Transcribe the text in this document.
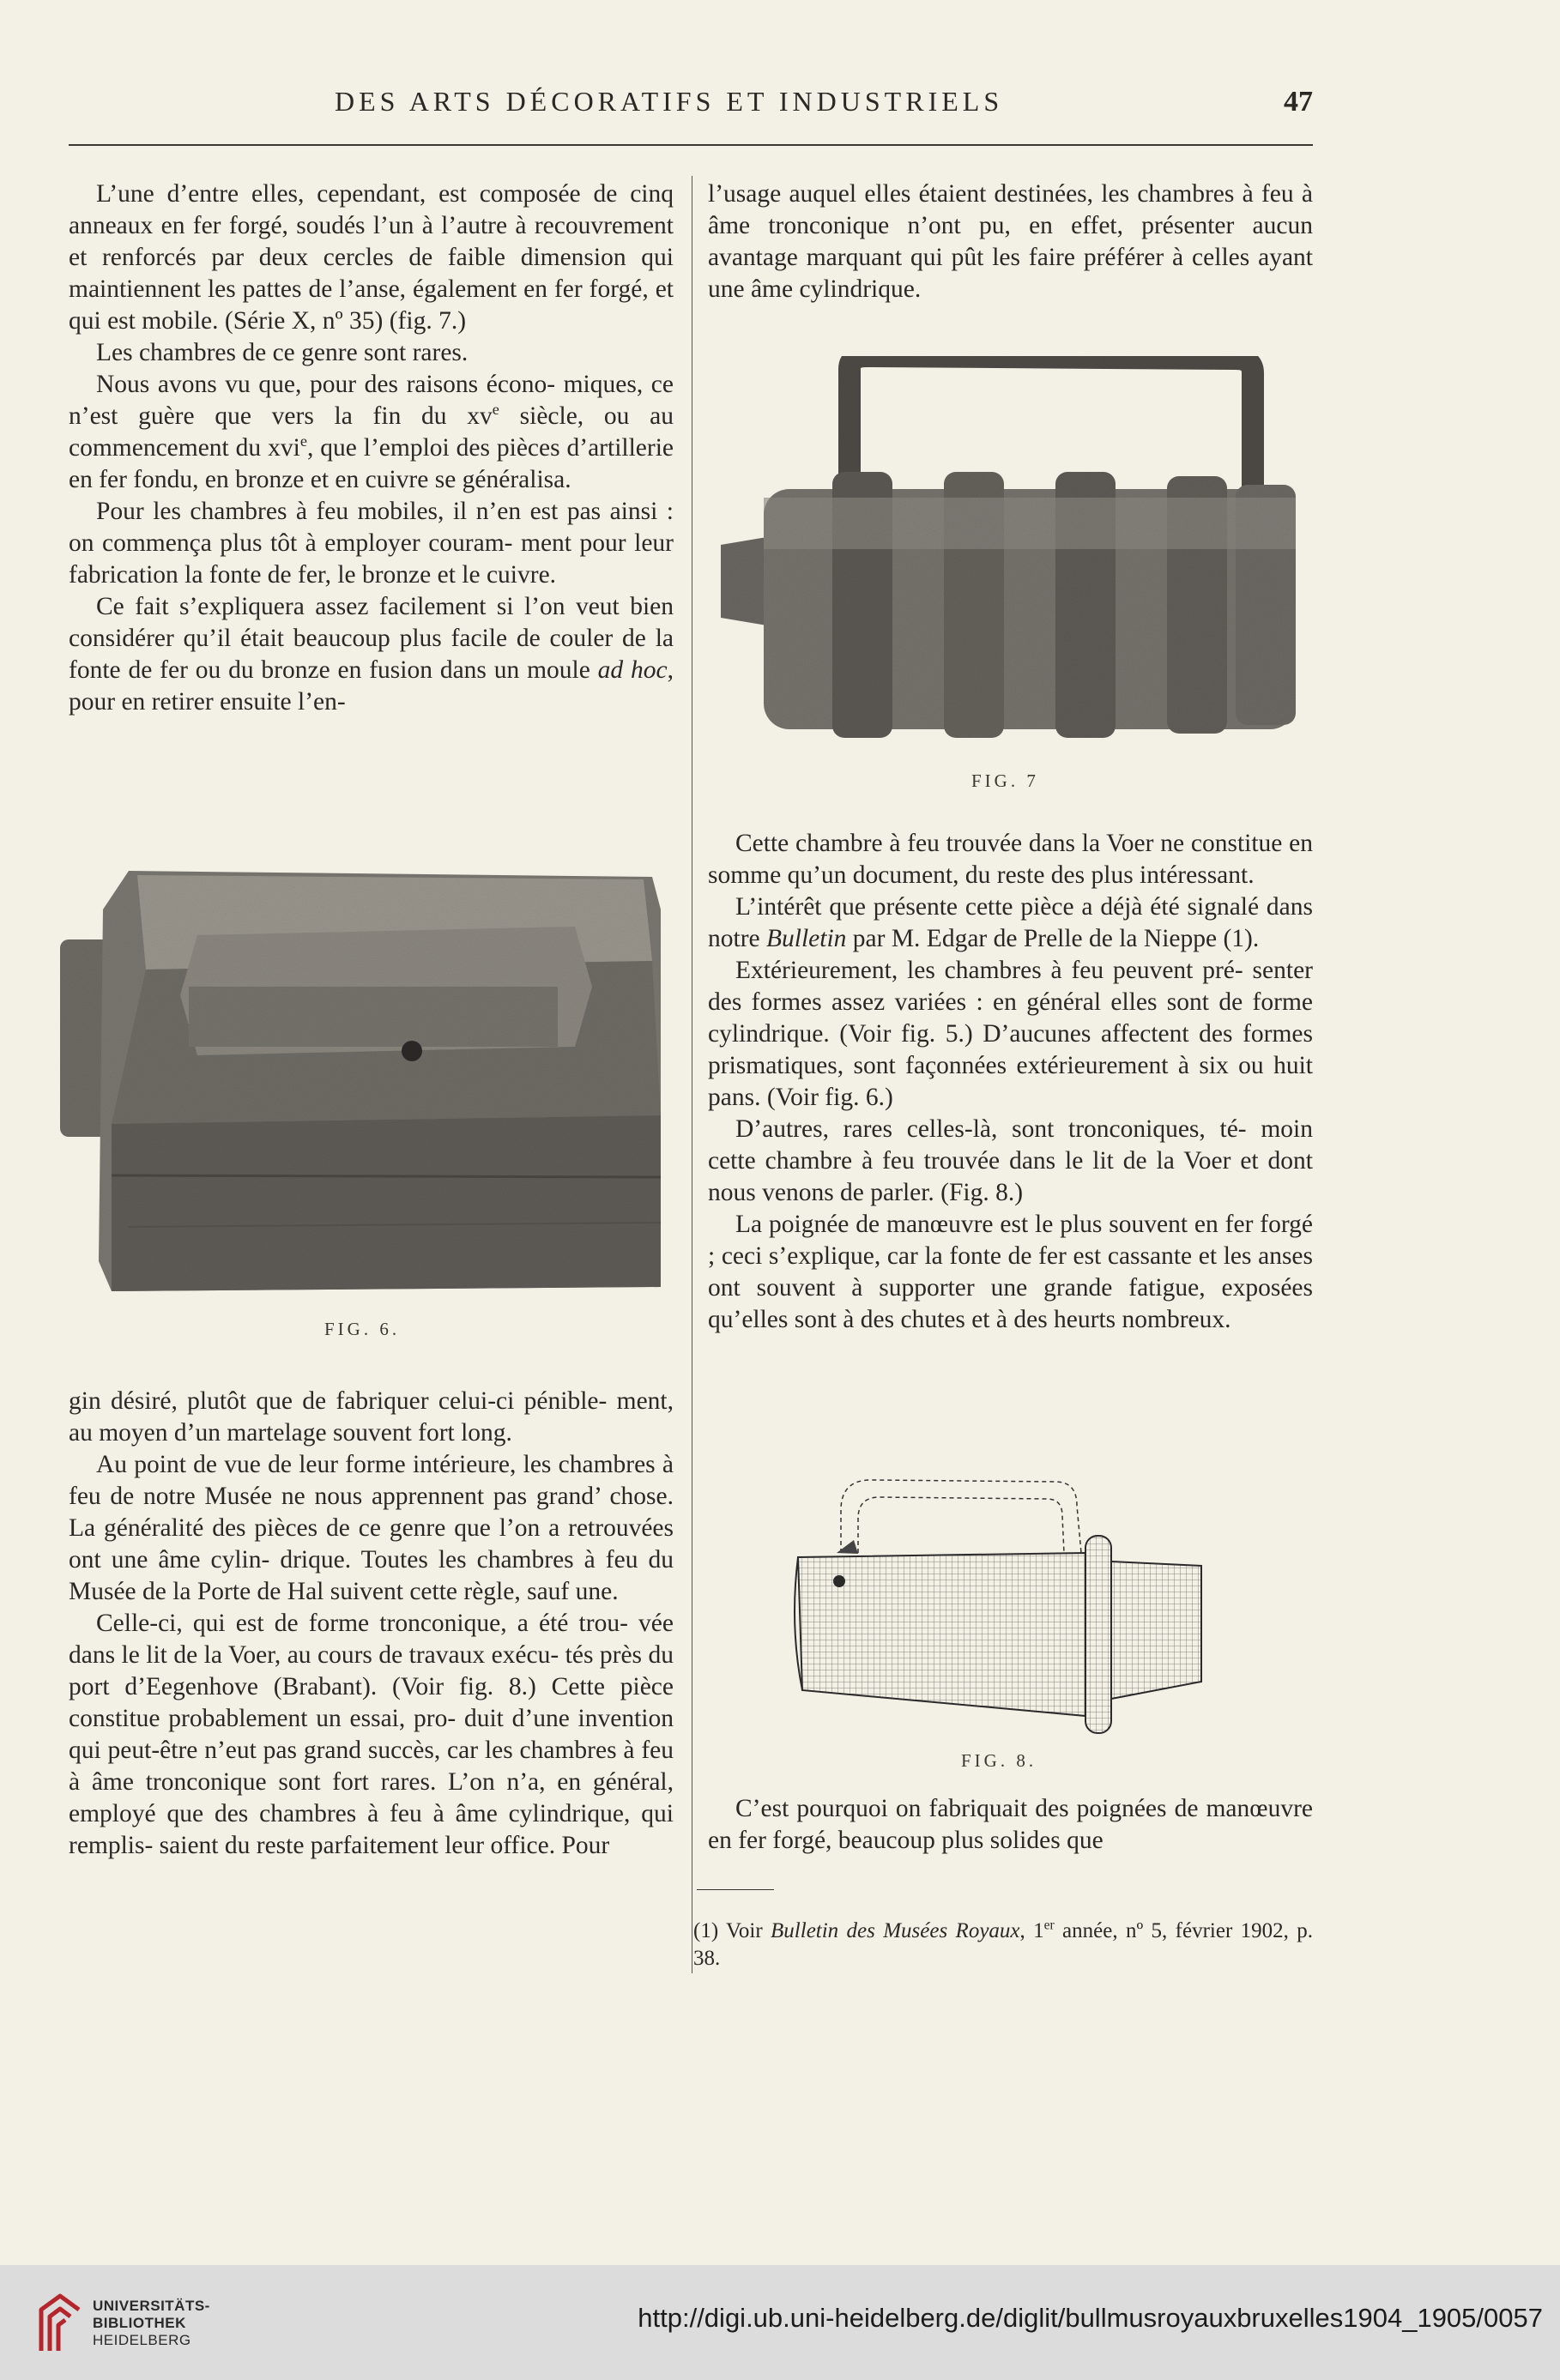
DES ARTS DÉCORATIFS ET INDUSTRIELS	47

L’une d’entre elles, cependant, est composée de cinq anneaux en fer forgé, soudés l’un à l’autre à recouvrement et renforcés par deux cercles de faible dimension qui maintiennent les pattes de l’anse, également en fer forgé, et qui est mobile. (Série X, nº 35) (fig. 7.)

Les chambres de ce genre sont rares.

Nous avons vu que, pour des raisons écono- miques, ce n’est guère que vers la fin du $xv^e$ siècle, ou au commencement du xvi$^e$, que l’emploi des pièces d’artillerie en fer fondu, en bronze et en cuivre se généralisa.

Pour les chambres à feu mobiles, il n’en est pas ainsi : on commença plus tôt à employer couram- ment pour leur fabrication la fonte de fer, le bronze et le cuivre.

Ce fait s’expliquera assez facilement si l’on veut bien considérer qu’il était beaucoup plus facile de couler de la fonte de fer ou du bronze en fusion dans un moule ad hoc, pour en retirer ensuite l’en-

FIG. 6.

gin désiré, plutôt que de fabriquer celui-ci pénible- ment, au moyen d’un martelage souvent fort long.

Au point de vue de leur forme intérieure, les chambres à feu de notre Musée ne nous apprennent pas grand’ chose. La généralité des pièces de ce genre que l’on a retrouvées ont une âme cylin- drique. Toutes les chambres à feu du Musée de la Porte de Hal suivent cette règle, sauf une.

Celle-ci, qui est de forme tronconique, a été trou- vée dans le lit de la Voer, au cours de travaux exécu- tés près du port d’Eegenhove (Brabant). (Voir fig. 8.) Cette pièce constitue probablement un essai, pro- duit d’une invention qui peut-être n’eut pas grand succès, car les chambres à feu à âme tronconique sont fort rares. L’on n’a, en général, employé que des chambres à feu à âme cylindrique, qui remplis- saient du reste parfaitement leur office. Pour

l’usage auquel elles étaient destinées, les chambres à feu à âme tronconique n’ont pu, en effet, présenter aucun avantage marquant qui pût les faire préférer à celles ayant une âme cylindrique.

FIG. 7

Cette chambre à feu trouvée dans la Voer ne constitue en somme qu’un document, du reste des plus intéressant.

L’intérêt que présente cette pièce a déjà été signalé dans notre Bulletin par M. Edgar de Prelle de la Nieppe (1).

Extérieurement, les chambres à feu peuvent pré- senter des formes assez variées : en général elles sont de forme cylindrique. (Voir fig. 5.) D’aucunes affectent des formes prismatiques, sont façonnées extérieurement à six ou huit pans. (Voir fig. 6.)

D’autres, rares celles-là, sont tronconiques, té- moin cette chambre à feu trouvée dans le lit de la Voer et dont nous venons de parler. (Fig. 8.)

La poignée de manœuvre est le plus souvent en fer forgé ; ceci s’explique, car la fonte de fer est cassante et les anses ont souvent à supporter une grande fatigue, exposées qu’elles sont à des chutes et à des heurts nombreux.

FIG. 8.

C’est pourquoi on fabriquait des poignées de manœuvre en fer forgé, beaucoup plus solides que

(1) Voir Bulletin des Musées Royaux, 1er année, nº 5, février 1902, p. 38.
UNIVERSITÄTS-
BIBLIOTHEK
HEIDELBERG
http://digi.ub.uni-heidelberg.de/diglit/bullmusroyauxbruxelles1904_1905/0057
